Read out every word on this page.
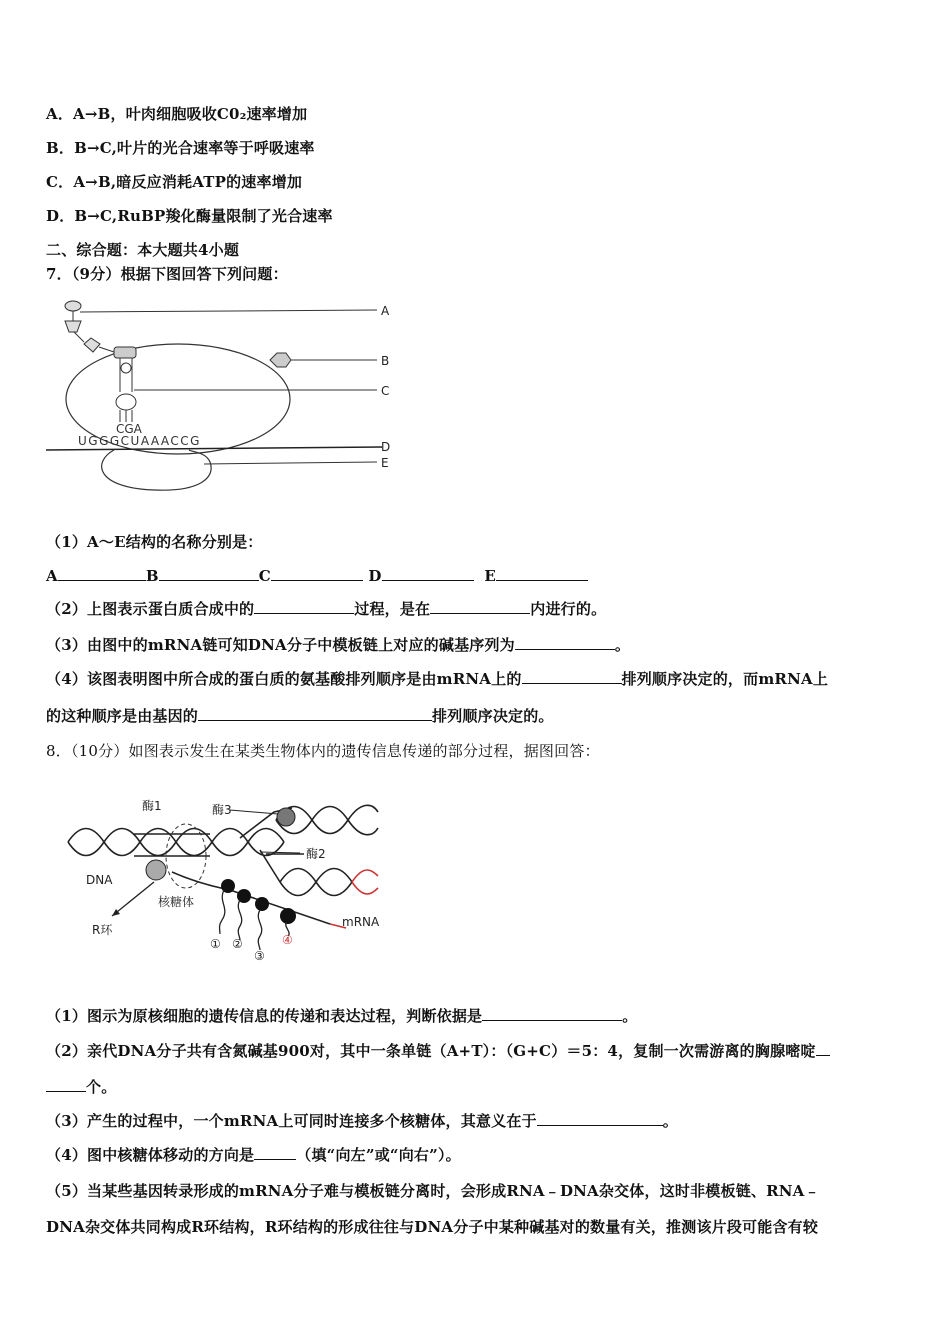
A．A→B，叶肉细胞吸收C0₂速率增加
B．B→C,叶片的光合速率等于呼吸速率
C．A→B,暗反应消耗ATP的速率增加
D．B→C,RuBP羧化酶量限制了光合速率
二、综合题：本大题共4小题
7．（9分）根据下图回答下列问题：
CGA
UGGGCUAAACCG
A
B
C
D
E
（1）A～E结构的名称分别是：
A	B	C	D	E
（2）上图表示蛋白质合成中的	过程，是在	内进行的。
（3）由图中的mRNA链可知DNA分子中模板链上对应的碱基序列为	。
（4）该图表明图中所合成的蛋白质的氨基酸排列顺序是由mRNA上的	排列顺序决定的，而mRNA上
的这种顺序是由基因的	排列顺序决定的。
8．（10分）如图表示发生在某类生物体内的遗传信息传递的部分过程，据图回答：
酶1	酶3
酶2
DNA
核糖体
R环
mRNA
① ②
③
④
（1）图示为原核细胞的遗传信息的传递和表达过程，判断依据是	。
（2）亲代DNA分子共有含氮碱基900对，其中一条单链（A+T）：（G+C）＝5：4，复制一次需游离的胸腺嘧啶
个。
（3）产生的过程中，一个mRNA上可同时连接多个核糖体，其意义在于	。
（4）图中核糖体移动的方向是	（填“向左”或“向右”）。
（5）当某些基因转录形成的mRNA分子难与模板链分离时，会形成RNA﹣DNA杂交体，这时非模板链、RNA﹣
DNA杂交体共同构成R环结构，R环结构的形成往往与DNA分子中某种碱基对的数量有关，推测该片段可能含有较
